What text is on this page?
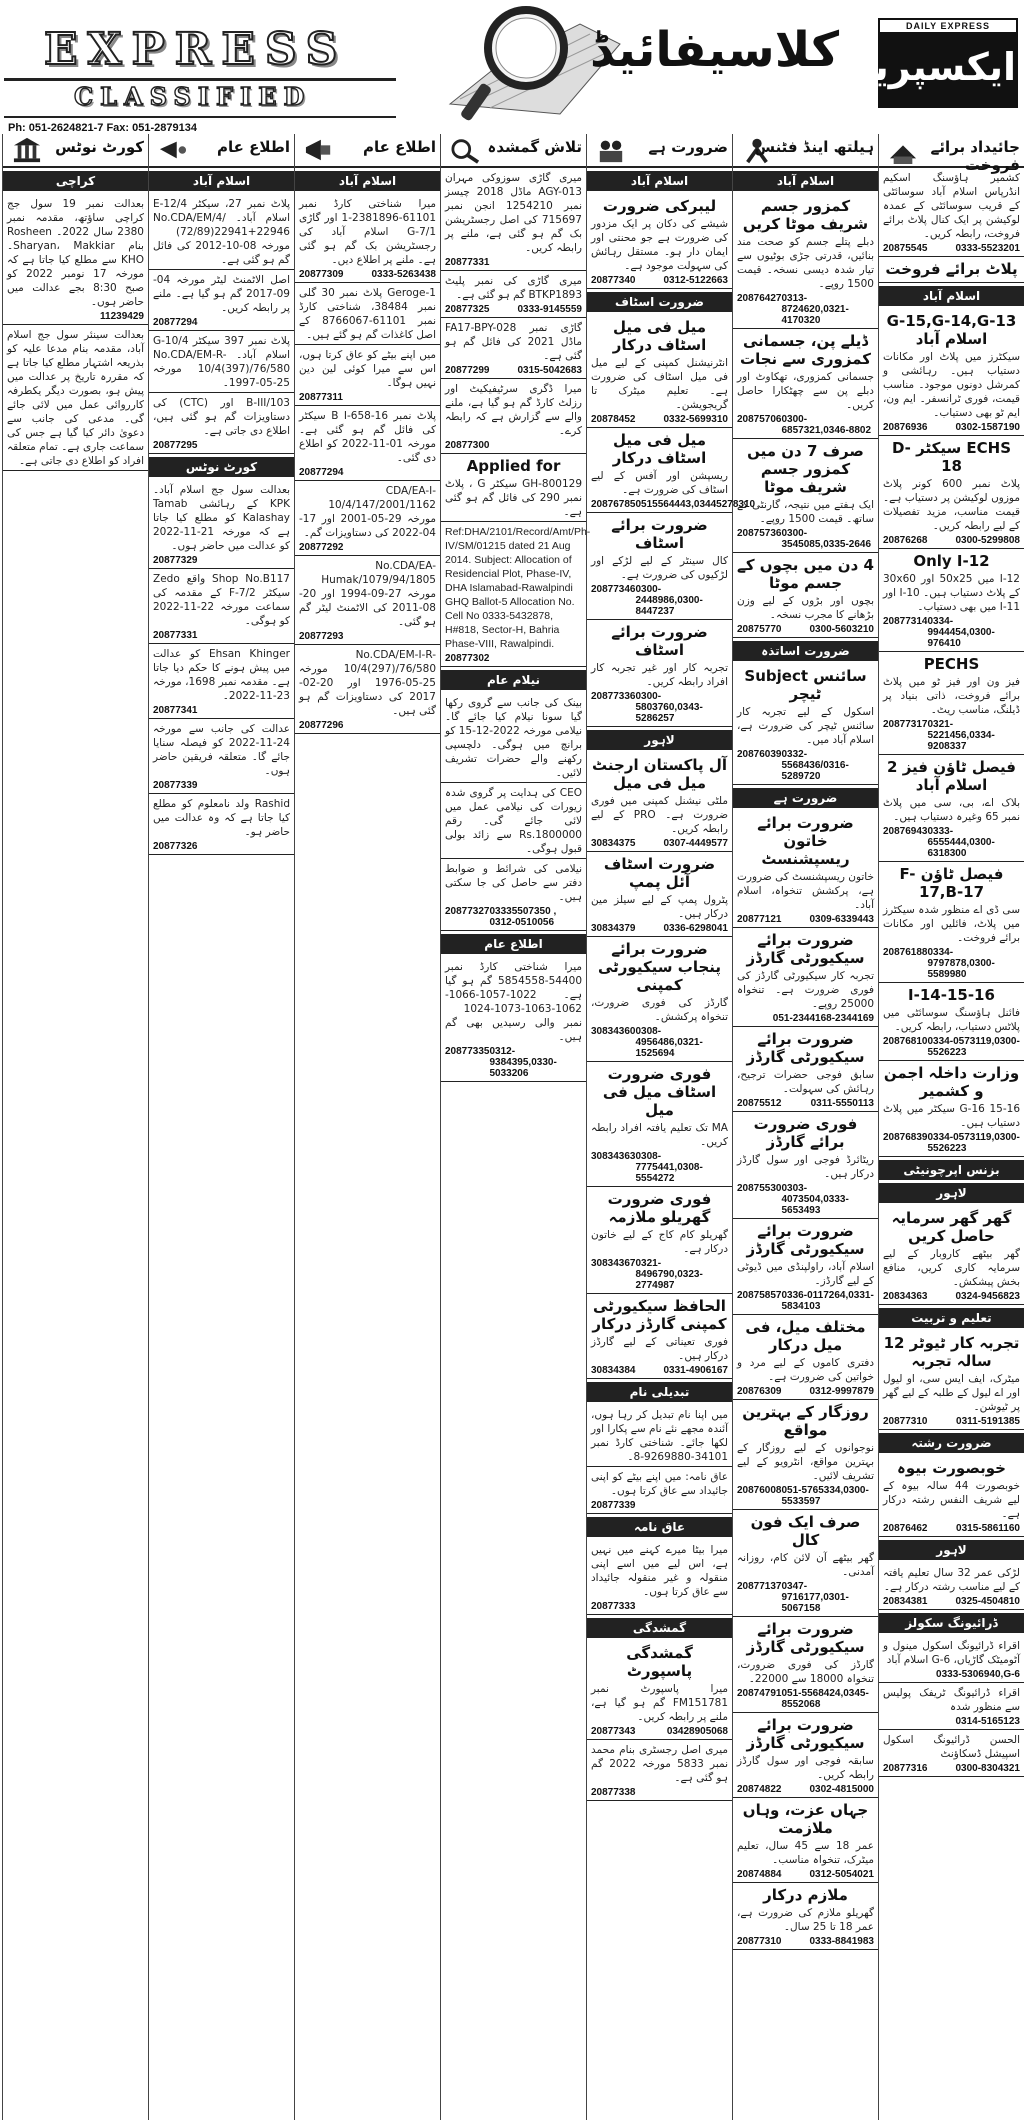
EXPRESS
CLASSIFIED
Ph: 051-2624821-7 Fax: 051-2879134
کلاسیفائیڈ	DAILY EXPRESS
ایکسپریس
جائیداد برائے فروخت
کشمیر ہاؤسنگ اسکیم انڈرپاس اسلام آباد سوسائٹی کے قریب سوسائٹی کے عمدہ لوکیشن پر ایک کنال پلاٹ برائے فروخت، رابطہ کریں۔
20875545	0333-5523201
پلاٹ برائے فروخت
اسلام آباد
G-15,G-14,G-13 اسلام آباد
سیکٹرز میں پلاٹ اور مکانات دستیاب ہیں۔ رہائشی و کمرشل دونوں موجود۔ مناسب قیمت، فوری ٹرانسفر۔ ایم ون، ایم ٹو بھی دستیاب۔
20876936	0302-1587190
ECHS سیکٹر D-18
پلاٹ نمبر 600 کونر پلاٹ موزوں لوکیشن پر دستیاب ہے۔ قیمت مناسب، مزید تفصیلات کے لیے رابطہ کریں۔
20876268	0300-5299808
Only I-12
12-I میں 50x25 اور 30x60 کے پلاٹ دستیاب ہیں۔ I-10 اور I-11 میں بھی دستیاب۔
20877314 0334-9944454,0300-976410
PECHS
فیز ون اور فیز ٹو میں پلاٹ برائے فروخت، ذاتی بنیاد پر ڈیلنگ، مناسب ریٹ۔
20877317 0321-5221456,0334-9208337
فیصل ٹاؤن فیز 2 اسلام آباد
بلاک اے، بی، سی میں پلاٹ نمبر 65 وغیرہ دستیاب ہیں۔
20876943 0333-6555444,0300-6318300
فیصل ٹاؤن F-17,B-17
سی ڈی اے منظور شدہ سیکٹرز میں پلاٹ، فائلیں اور مکانات برائے فروخت۔
20876188 0334-9797878,0300-5589980
I-14-15-16
فائنل ہاؤسنگ سوسائٹی میں پلاٹس دستیاب، رابطہ کریں۔
20876810 0334-0573119,0300-5526223
وزارت داخلہ اجمن و کشمیر
15-16 G-16 سیکٹر میں پلاٹ دستیاب ہیں۔
20876839 0334-0573119,0300-5526223
بزنس اپرچونیٹی
لاہور
گھر گھر سرمایہ حاصل کریں
گھر بیٹھے کاروبار کے لیے سرمایہ کاری کریں، منافع بخش پیشکش۔
20834363	0324-9456823
تعلیم و تربیت
تجربہ کار ٹیوٹر 12 سالہ تجربہ
میٹرک، ایف ایس سی، او لیول اور اے لیول کے طلبہ کے لیے گھر پر ٹیوشن۔
20877310	0311-5191385
ضرورت رشتہ
خوبصورت بیوہ
خوبصورت 44 سالہ بیوہ کے لیے شریف النفس رشتہ درکار ہے۔
20876462	0315-5861160
لاہور
لڑکی عمر 32 سال تعلیم یافتہ کے لیے مناسب رشتہ درکار ہے۔
20834381	0325-4504810
ڈرائیونگ سکولز
اقراء ڈرائیونگ اسکول مینول و آٹومیٹک گاڑیاں، G-6 اسلام آباد
0333-5306940,G-6
اقراء ڈرائیونگ ٹریفک پولیس سے منظور شدہ
0314-5165123
الحسن ڈرائیونگ اسکول اسپیشل ڈسکاؤنٹ
20877316	0300-8304321
ہیلتھ اینڈ فٹنس
اسلام آباد
کمزور جسم شریف موٹا کریں
دبلے پتلے جسم کو صحت مند بنائیں، قدرتی جڑی بوٹیوں سے تیار شدہ دیسی نسخہ۔ قیمت 1500 روپے۔
20876427 0313-8724620,0321-4170320
ڈیلے پن، جسمانی کمزوری سے نجات
جسمانی کمزوری، تھکاوٹ اور دبلے پن سے چھٹکارا حاصل کریں۔
20875706 0300-6857321,0346-8802
صرف 7 دن میں کمزور جسم شریف موٹا
ایک ہفتے میں نتیجہ، گارنٹی کے ساتھ۔ قیمت 1500 روپے۔
20875736 0300-3545085,0335-2646
4 دن میں بچوں کے جسم موٹا
بچوں اور بڑوں کے لیے وزن بڑھانے کا مجرب نسخہ۔
20875770	0300-5603210
ضرورت اساتذہ
سائنس Subject ٹیچر
اسکول کے لیے تجربہ کار سائنس ٹیچر کی ضرورت ہے، اسلام آباد میں۔
20876039 0332-5568436/0316-5289720
ضرورت ہے
ضرورت برائے خاتون ریسپشنسٹ
خاتون ریسپشنسٹ کی ضرورت ہے، پرکشش تنخواہ، اسلام آباد۔
20877121	0309-6339443
ضرورت برائے سیکیورٹی گارڈز
تجربہ کار سیکیورٹی گارڈز کی فوری ضرورت ہے۔ تنخواہ 25000 روپے۔
051-2344168-2344169
ضرورت برائے سیکیورٹی گارڈز
سابق فوجی حضرات ترجیح، رہائش کی سہولت۔
20875512	0311-5550113
فوری ضرورت برائے گارڈز
ریٹائرڈ فوجی اور سول گارڈز درکار ہیں۔
20875530 0303-4073504,0333-5653493
ضرورت برائے سیکیورٹی گارڈز
اسلام آباد، راولپنڈی میں ڈیوٹی کے لیے گارڈز۔
20875857 0336-0117264,0331-5834103
مختلف میل، فی میل درکار
دفتری کاموں کے لیے مرد و خواتین کی ضرورت ہے۔
20876309	0312-9997879
روزگار کے بہترین مواقع
نوجوانوں کے لیے روزگار کے بہترین مواقع، انٹرویو کے لیے تشریف لائیں۔
20876008 051-5765334,0300-5533597
صرف ایک فون کال
گھر بیٹھے آن لائن کام، روزانہ آمدنی۔
20877137 0347-9716177,0301-5067158
ضرورت برائے سیکیورٹی گارڈز
گارڈز کی فوری ضرورت، تنخواہ 18000 سے 22000۔
20874791 051-5568424,0345-8552068
ضرورت برائے سیکیورٹی گارڈز
سابقہ فوجی اور سول گارڈز رابطہ کریں۔
20874822	0302-4815000
جہاں عزت، وہاں ملازمت
عمر 18 سے 45 سال، تعلیم میٹرک، تنخواہ مناسب۔
20874884	0312-5054021
ملازم درکار
گھریلو ملازم کی ضرورت ہے، عمر 18 تا 25 سال۔
20877310	0333-8841983
ضرورت ہے
اسلام آباد
لیبرکی ضرورت
شیشے کی دکان پر ایک مزدور کی ضرورت ہے جو محنتی اور ایمان دار ہو۔ مستقل رہائش کی سہولت موجود ہے۔
20877340	0312-5122663
ضرورت اسٹاف
میل فی میل اسٹاف درکار
انٹرنیشنل کمپنی کے لیے میل فی میل اسٹاف کی ضرورت ہے۔ تعلیم میٹرک تا گریجویشن۔
20878452	0332-5699310
میل فی میل اسٹاف درکار
ریسپشن اور آفس کے لیے اسٹاف کی ضرورت ہے۔
20876785 0515564443,03445278310
ضرورت برائے اسٹاف
کال سینٹر کے لیے لڑکے اور لڑکیوں کی ضرورت ہے۔
20877346 0300-2448986,0300-8447237
ضرورت برائے اسٹاف
تجربہ کار اور غیر تجربہ کار افراد رابطہ کریں۔
20877336 0300-5803760,0343-5286257
لاہور
آل پاکستان ارجنٹ میل فی میل
ملٹی نیشنل کمپنی میں فوری ضرورت ہے۔ PRO کے لیے رابطہ کریں۔
30834375	0307-4449577
ضرورت اسٹاف آئل پمپ
پٹرول پمپ کے لیے سیلز مین درکار ہیں۔
30834379	0336-6298041
ضرورت برائے پنجاب سیکیورٹی کمپنی
گارڈز کی فوری ضرورت، تنخواہ پرکشش۔
30834360 0308-4956486,0321-1525694
فوری ضرورت اسٹاف میل فی میل
MA تک تعلیم یافتہ افراد رابطہ کریں۔
30834363 0308-7775441,0308-5554272
فوری ضرورت گھریلو ملازمہ
گھریلو کام کاج کے لیے خاتون درکار ہے۔
30834367 0321-8496790,0323-2774987
الحافظ سیکیورٹی کمپنی گارڈز درکار
فوری تعیناتی کے لیے گارڈز درکار ہیں۔
30834384	0331-4906167
تبدیلی نام
میں اپنا نام تبدیل کر رہا ہوں، آئندہ مجھے نئے نام سے پکارا اور لکھا جائے۔ شناختی کارڈ نمبر 34101-9269880-8۔
عاق نامہ: میں اپنے بیٹے کو اپنی جائیداد سے عاق کرتا ہوں۔
20877339
عاق نامہ
میرا بیٹا میرے کہنے میں نہیں ہے، اس لیے میں اسے اپنی منقولہ و غیر منقولہ جائیداد سے عاق کرتا ہوں۔
20877333
گمشدگی
گمشدگی پاسپورٹ
میرا پاسپورٹ نمبر FM151781 گم ہو گیا ہے، ملنے پر رابطہ کریں۔
20877343	03428905068
میری اصل رجسٹری بنام محمد نمبر 5833 مورخہ 2022 گم ہو گئی ہے۔
20877338
تلاش گمشدہ
میری گاڑی سوزوکی مہران AGY-013 ماڈل 2018 چیسز نمبر 1254210 انجن نمبر 715697 کی اصل رجسٹریشن بک گم ہو گئی ہے، ملنے پر رابطہ کریں۔
20877331
میری گاڑی کی نمبر پلیٹ BTKP1893 گم ہو گئی ہے۔
20877325	0333-9145559
گاڑی نمبر FA17-BPY-028 ماڈل 2021 کی فائل گم ہو گئی ہے۔
20877299	0315-5042683
میرا ڈگری سرٹیفیکیٹ اور رزلٹ کارڈ گم ہو گیا ہے، ملنے والے سے گزارش ہے کہ رابطہ کرے۔
20877300
Applied for
GH-800129 سیکٹر G ، پلاٹ نمبر 290 کی فائل گم ہو گئی ہے۔
Ref:DHA/2101/Record/Amt/Ph-IV/SM/01215 dated 21 Aug 2014. Subject: Allocation of Residencial Plot, Phase-IV, DHA Islamabad-Rawalpindi GHQ Ballot-5 Allocation No. Cell No 0333-5432878, H#818, Sector-H, Bahria Phase-VIII, Rawalpindi.
20877302
نیلام عام
بینک کی جانب سے گروی رکھا گیا سونا نیلام کیا جائے گا۔ نیلامی مورخہ 2022-12-15 کو برانچ میں ہوگی۔ دلچسپی رکھنے والے حضرات تشریف لائیں۔
CEO کی ہدایت پر گروی شدہ زیورات کی نیلامی عمل میں لائی جائے گی۔ رقم Rs.1800000 سے زائد بولی قبول ہوگی۔
نیلامی کی شرائط و ضوابط دفتر سے حاصل کی جا سکتی ہیں۔
20877327 03335507350 , 0312-0510056
اطلاع عام
میرا شناختی کارڈ نمبر 54400-5854558 گم ہو گیا ہے۔ 1022-1057-1066-1062-1063-1073-1024 نمبر والی رسیدیں بھی گم ہیں۔
20877335 0312-9384395,0330-5033206
اطلاع عام
اسلام آباد
میرا شناختی کارڈ نمبر 61101-2381896-1 اور گاڑی G-7/1 اسلام آباد کی رجسٹریشن بک گم ہو گئی ہے۔ ملنے پر اطلاع دیں۔
20877309	0333-5263438
Geroge-1 پلاٹ نمبر 30 گلی نمبر 38484، شناختی کارڈ نمبر 61101-8766067 کے اصل کاغذات گم ہو گئے ہیں۔
میں اپنے بیٹے کو عاق کرتا ہوں، اس سے میرا کوئی لین دین نہیں ہوگا۔
20877311
پلاٹ نمبر 16-B I-658 سیکٹر کی فائل گم ہو گئی ہے۔ مورخہ 01-11-2022 کو اطلاع دی گئی۔
20877294
CDA/EA-I-10/4/147/2001/1162 مورخہ 29-05-2001 اور 17-04-2022 کی دستاویزات گم۔
20877292
No.CDA/EA-Humak/1079/94/1805 مورخہ 27-09-1994 اور 20-08-2011 کی الاٹمنٹ لیٹر گم ہو گئی۔
20877293
No.CDA/EM-I-R-10/4(297)/76/580 مورخہ 25-05-1976 اور 20-02-2017 کی دستاویزات گم ہو گئی ہیں۔
20877296
اطلاع عام
اسلام آباد
پلاٹ نمبر 27، سیکٹر E-12/4 اسلام آباد۔ No.CDA/EM/4/ (72/89)22941+22946 مورخہ 08-10-2012 کی فائل گم ہو گئی ہے۔
اصل الاٹمنٹ لیٹر مورخہ 04-09-2017 گم ہو گیا ہے۔ ملنے پر رابطہ کریں۔
20877294
پلاٹ نمبر 397 سیکٹر G-10/4 اسلام آباد۔ No.CDA/EM-R-10/4(397)/76/580 مورخہ 25-05-1997۔
B-III/103 اور (CTC) کی دستاویزات گم ہو گئی ہیں، اطلاع دی جاتی ہے۔
20877295
کورٹ نوٹس
بعدالت سول جج اسلام آباد۔ KPK کے رہائشی Tamab Kalashay کو مطلع کیا جاتا ہے کہ مورخہ 21-11-2022 کو عدالت میں حاضر ہوں۔
20877329
Shop No.B117 واقع Zedo سیکٹر F-7/2 کے مقدمہ کی سماعت مورخہ 22-11-2022 کو ہوگی۔
20877331
Ehsan Khinger کو عدالت میں پیش ہونے کا حکم دیا جاتا ہے۔ مقدمہ نمبر 1698، مورخہ 23-11-2022۔
20877341
عدالت کی جانب سے مورخہ 24-11-2022 کو فیصلہ سنایا جائے گا۔ متعلقہ فریقین حاضر ہوں۔
20877339
Rashid ولد نامعلوم کو مطلع کیا جاتا ہے کہ وہ عدالت میں حاضر ہو۔
20877326
کورٹ نوٹس
کراچی
بعدالت نمبر 19 سول جج کراچی ساؤتھ، مقدمہ نمبر 2380 سال 2022۔ Rosheen بنام Sharyan، Makkiar۔ KHO سے مطلع کیا جاتا ہے کہ مورخہ 17 نومبر 2022 کو صبح 8:30 بجے عدالت میں حاضر ہوں۔
11239429
بعدالت سینئر سول جج اسلام آباد، مقدمہ بنام مدعا علیہ کو بذریعہ اشتہار مطلع کیا جاتا ہے کہ مقررہ تاریخ پر عدالت میں پیش ہو، بصورت دیگر یکطرفہ کارروائی عمل میں لائی جائے گی۔ مدعی کی جانب سے دعویٰ دائر کیا گیا ہے جس کی سماعت جاری ہے۔ تمام متعلقہ افراد کو اطلاع دی جاتی ہے۔
